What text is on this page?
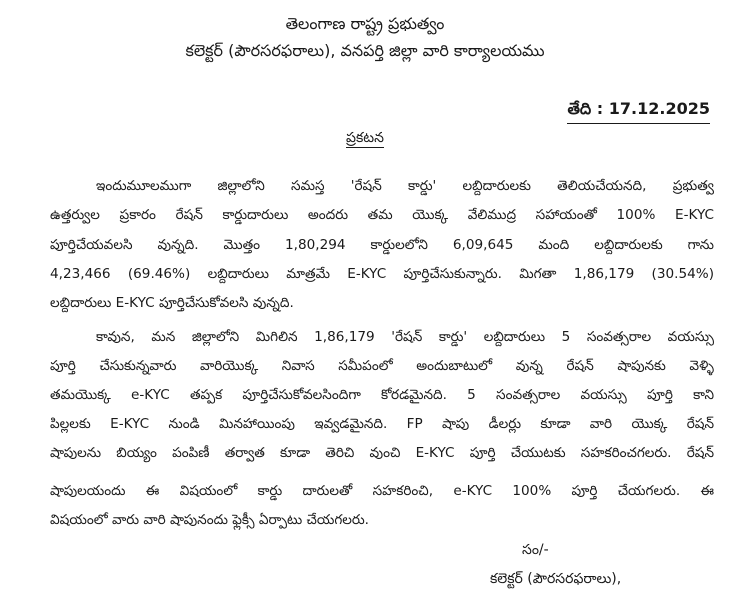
తెలంగాణ రాష్ట్ర ప్రభుత్వం
కలెక్టర్ (పౌరసరఫరాలు), వనపర్తి జిల్లా వారి కార్యాలయము
తేది : 17.12.2025
ప్రకటన
ఇందుమూలముగా జిల్లాలోని సమస్త 'రేషన్ కార్డు' లబ్దిదారులకు తెలియచేయనది, ప్రభుత్వ
ఉత్తర్వుల ప్రకారం రేషన్ కార్డుదారులు అందరు తమ యొక్క వేలిముద్ర సహాయంతో 100% E-KYC
పూర్తిచేయవలసి వున్నది. మొత్తం 1,80,294 కార్డులలోని 6,09,645 మంది లబ్దిదారులకు గాను
4,23,466 (69.46%) లబ్దిదారులు మాత్రమే E-KYC పూర్తిచేసుకున్నారు. మిగతా 1,86,179 (30.54%)
లబ్దిదారులు E-KYC పూర్తిచేసుకోవలసి వున్నది.
కావున, మన జిల్లాలోని మిగిలిన 1,86,179 'రేషన్ కార్డు' లబ్దిదారులు 5 సంవత్సరాల వయస్సు
పూర్తి చేసుకున్నవారు వారియొక్క నివాస సమీపంలో అందుబాటులో వున్న రేషన్ షాపునకు వెళ్ళి
తమయొక్క e-KYC తప్పక పూర్తిచేసుకోవలసిందిగా కోరడమైనది. 5 సంవత్సరాల వయస్సు పూర్తి కాని
పిల్లలకు E-KYC నుండి మినహాయింపు ఇవ్వడమైనది. FP షాపు డీలర్లు కూడా వారి యొక్క రేషన్
షాపులను బియ్యం పంపిణీ తర్వాత కూడా తెరిచి వుంచి E-KYC పూర్తి చేయుటకు సహకరించగలరు. రేషన్
షాపులయందు ఈ విషయంలో కార్డు దారులతో సహకరించి, e-KYC 100% పూర్తి చేయగలరు. ఈ
విషయంలో వారు వారి షాపునందు ఫ్లెక్సీ ఏర్పాటు చేయగలరు.
సం/-
కలెక్టర్ (పౌరసరఫరాలు),
